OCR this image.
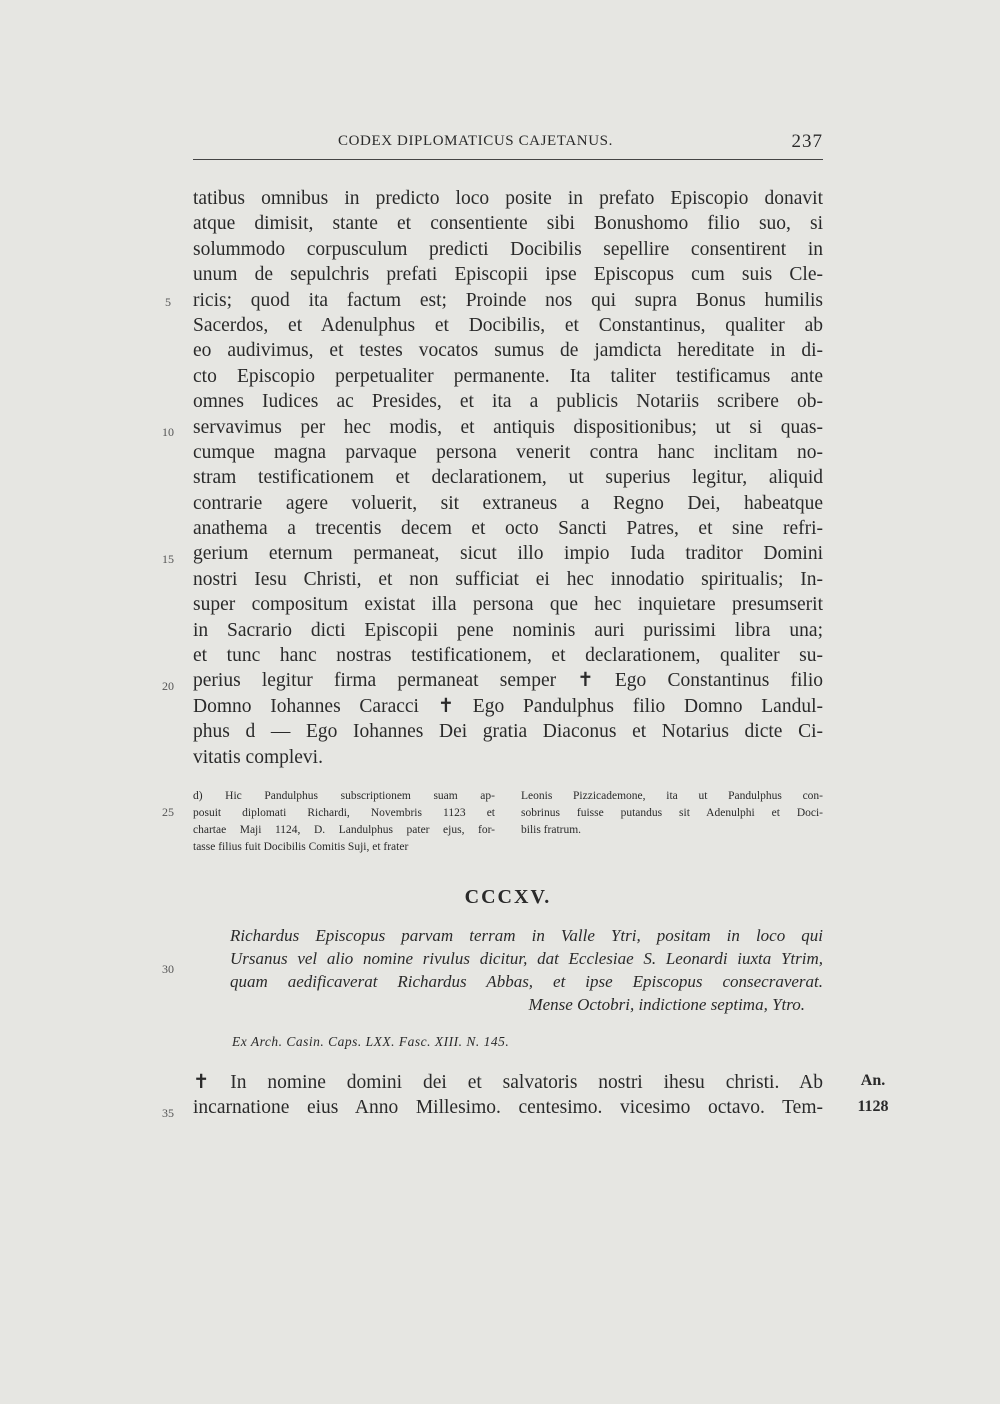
CODEX DIPLOMATICUS CAJETANUS.	237
tatibus omnibus in predicto loco posite in prefato Episcopio donavit
atque dimisit, stante et consentiente sibi Bonushomo filio suo, si
solummodo corpusculum predicti Docibilis sepellire consentirent in
unum de sepulchris prefati Episcopii ipse Episcopus cum suis Cle-
ricis; quod ita factum est; Proinde nos qui supra Bonus humilis
Sacerdos, et Adenulphus et Docibilis, et Constantinus, qualiter ab
eo audivimus, et testes vocatos sumus de jamdicta hereditate in di-
cto Episcopio perpetualiter permanente. Ita taliter testificamus ante
omnes Iudices ac Presides, et ita a publicis Notariis scribere ob-
servavimus per hec modis, et antiquis dispositionibus; ut si quas-
cumque magna parvaque persona venerit contra hanc inclitam no-
stram testificationem et declarationem, ut superius legitur, aliquid
contrarie agere voluerit, sit extraneus a Regno Dei, habeatque
anathema a trecentis decem et octo Sancti Patres, et sine refri-
gerium eternum permaneat, sicut illo impio Iuda traditor Domini
nostri Iesu Christi, et non sufficiat ei hec innodatio spiritualis; In-
super compositum existat illa persona que hec inquietare presumserit
in Sacrario dicti Episcopii pene nominis auri purissimi libra una;
et tunc hanc nostras testificationem, et declarationem, qualiter su-
perius legitur firma permaneat semper ✝ Ego Constantinus filio
Domno Iohannes Caracci ✝ Ego Pandulphus filio Domno Landul-
phus d — Ego Iohannes Dei gratia Diaconus et Notarius dicte Ci-
vitatis complevi.
5
10
15
20
25
30
35
d) Hic Pandulphus subscriptionem suam ap-
posuit diplomati Richardi, Novembris 1123 et
chartae Maji 1124, D. Landulphus pater ejus, for-
tasse filius fuit Docibilis Comitis Suji, et frater
Leonis Pizzicademone, ita ut Pandulphus con-
sobrinus fuisse putandus sit Adenulphi et Doci-
bilis fratrum.
CCCXV.
Richardus Episcopus parvam terram in Valle Ytri, positam in loco qui
Ursanus vel alio nomine rivulus dicitur, dat Ecclesiae S. Leonardi iuxta Ytrim,
quam aedificaverat Richardus Abbas, et ipse Episcopus consecraverat.
Mense Octobri, indictione septima, Ytro.
Ex Arch. Casin. Caps. LXX. Fasc. XIII. N. 145.
✝ In nomine domini dei et salvatoris nostri ihesu christi. Ab
incarnatione eius Anno Millesimo. centesimo. vicesimo octavo. Tem-
An.
1128
